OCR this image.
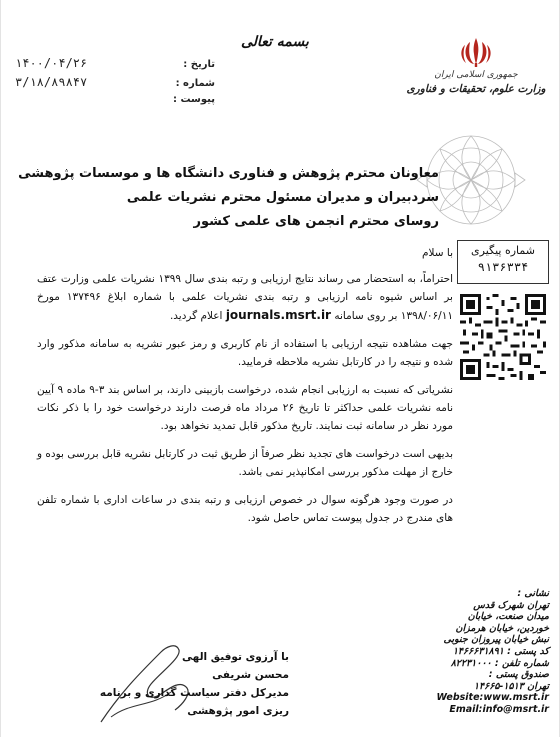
بسمه تعالی
تاریخ :
۱۴۰۰/۰۴/۲۶
شماره :
۳/۱۸/۸۹۸۴۷
پیوست :
جمهوری اسلامی ایران
وزارت علوم، تحقیقات و فناوری
معاونان محترم پژوهش و فناوری دانشگاه ها و موسسات پژوهشی
سردبیران و مدیران مسئول محترم نشریات علمی
روسای محترم انجمن های علمی کشور
شماره پیگیری
۹۱۳۶۳۳۴

با سلام

احتراماً، به استحضار می رساند نتایج ارزیابی و رتبه بندی سال ۱۳۹۹ نشریات علمی وزارت عتف بر اساس شیوه نامه ارزیابی و رتبه بندی نشریات علمی با شماره ابلاغ ۱۳۷۴۹۶ مورخ ۱۳۹۸/۰۶/۱۱ بر روی سامانه journals.msrt.ir اعلام گردید.

جهت مشاهده نتیجه ارزیابی با استفاده از نام کاربری و رمز عبور نشریه به سامانه مذکور وارد شده و نتیجه را در کارتابل نشریه ملاحظه فرمایید.

نشریاتی که نسبت به ارزیابی انجام شده، درخواست بازبینی دارند، بر اساس بند ۳-۹ ماده ۹ آیین نامه نشریات علمی حداکثر تا تاریخ ۲۶ مرداد ماه فرصت دارند درخواست خود را با ذکر نکات مورد نظر در سامانه ثبت نمایند. تاریخ مذکور قابل تمدید نخواهد بود.

بدیهی است درخواست های تجدید نظر صرفاً از طریق ثبت در کارتابل نشریه قابل بررسی بوده و خارج از مهلت مذکور بررسی امکانپذیر نمی باشد.

در صورت وجود هرگونه سوال در خصوص ارزیابی و رتبه بندی در ساعات اداری با شماره تلفن های مندرج در جدول پیوست تماس حاصل شود.

با آرزوی توفیق الهی
محسن شریفی
مدیرکل دفتر سیاست گذاری و برنامه ریزی امور پژوهشی
نشانی :
تهران شهرک قدس
میدان صنعت، خیابان
خوردین، خیابان هرمزان
نبش خیابان پیروزان جنوبی
کد پستی : ۱۴۶۶۶۳۱۸۹۱
شماره تلفن : ۸۲۲۳۱۰۰۰
صندوق پستی :
تهران ۱۵۱۳-۱۴۶۶۵
Website:www.msrt.ir
Email:info@msrt.ir
